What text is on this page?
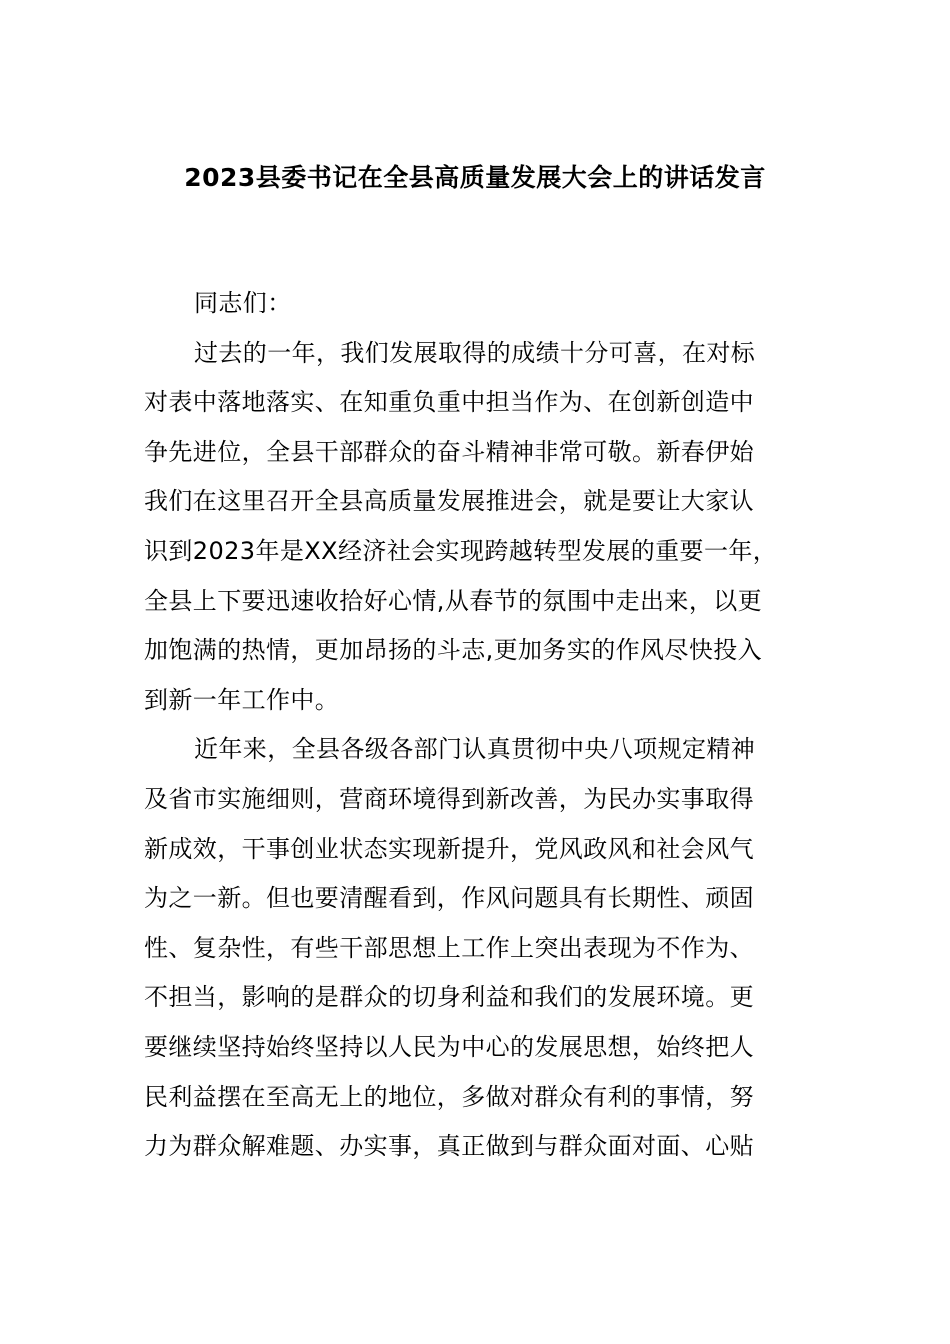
2023县委书记在全县高质量发展大会上的讲话发言
同志们：
过去的一年，我们发展取得的成绩十分可喜，在对标
对表中落地落实、在知重负重中担当作为、在创新创造中
争先进位，全县干部群众的奋斗精神非常可敬。新春伊始
我们在这里召开全县高质量发展推进会，就是要让大家认
识到2023年是XX经济社会实现跨越转型发展的重要一年，
全县上下要迅速收拾好心情,从春节的氛围中走出来，以更
加饱满的热情，更加昂扬的斗志,更加务实的作风尽快投入
到新一年工作中。
近年来，全县各级各部门认真贯彻中央八项规定精神
及省市实施细则，营商环境得到新改善，为民办实事取得
新成效，干事创业状态实现新提升，党风政风和社会风气
为之一新。但也要清醒看到，作风问题具有长期性、顽固
性、复杂性，有些干部思想上工作上突出表现为不作为、
不担当，影响的是群众的切身利益和我们的发展环境。更
要继续坚持始终坚持以人民为中心的发展思想，始终把人
民利益摆在至高无上的地位，多做对群众有利的事情，努
力为群众解难题、办实事，真正做到与群众面对面、心贴
